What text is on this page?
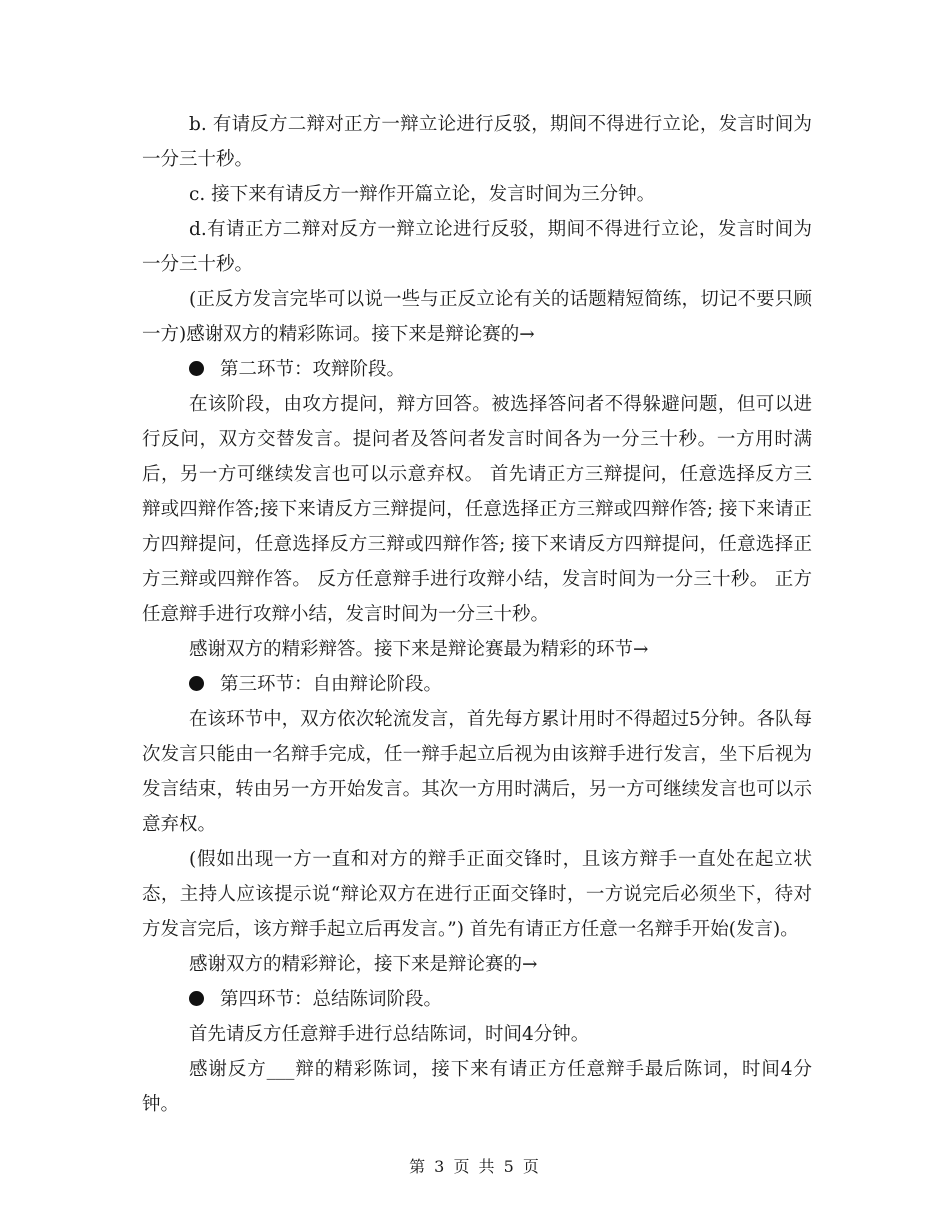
b. 有请反方二辩对正方一辩立论进行反驳，期间不得进行立论，发言时间为一分三十秒。

c. 接下来有请反方一辩作开篇立论，发言时间为三分钟。

d.有请正方二辩对反方一辩立论进行反驳，期间不得进行立论，发言时间为一分三十秒。

(正反方发言完毕可以说一些与正反立论有关的话题精短简练，切记不要只顾一方)感谢双方的精彩陈词。接下来是辩论赛的→

第二环节：攻辩阶段。

在该阶段，由攻方提问，辩方回答。被选择答问者不得躲避问题，但可以进行反问，双方交替发言。提问者及答问者发言时间各为一分三十秒。一方用时满后，另一方可继续发言也可以示意弃权。 首先请正方三辩提问，任意选择反方三辩或四辩作答;接下来请反方三辩提问，任意选择正方三辩或四辩作答; 接下来请正方四辩提问，任意选择反方三辩或四辩作答; 接下来请反方四辩提问，任意选择正方三辩或四辩作答。 反方任意辩手进行攻辩小结，发言时间为一分三十秒。 正方任意辩手进行攻辩小结，发言时间为一分三十秒。

感谢双方的精彩辩答。接下来是辩论赛最为精彩的环节→

第三环节：自由辩论阶段。

在该环节中，双方依次轮流发言，首先每方累计用时不得超过5分钟。各队每次发言只能由一名辩手完成，任一辩手起立后视为由该辩手进行发言，坐下后视为发言结束，转由另一方开始发言。其次一方用时满后，另一方可继续发言也可以示意弃权。

(假如出现一方一直和对方的辩手正面交锋时，且该方辩手一直处在起立状态，主持人应该提示说“辩论双方在进行正面交锋时，一方说完后必须坐下，待对方发言完后，该方辩手起立后再发言。”) 首先有请正方任意一名辩手开始(发言)。

感谢双方的精彩辩论，接下来是辩论赛的→

第四环节：总结陈词阶段。

首先请反方任意辩手进行总结陈词，时间4分钟。

感谢反方___辩的精彩陈词，接下来有请正方任意辩手最后陈词，时间4分钟。

第 3 页 共 5 页
